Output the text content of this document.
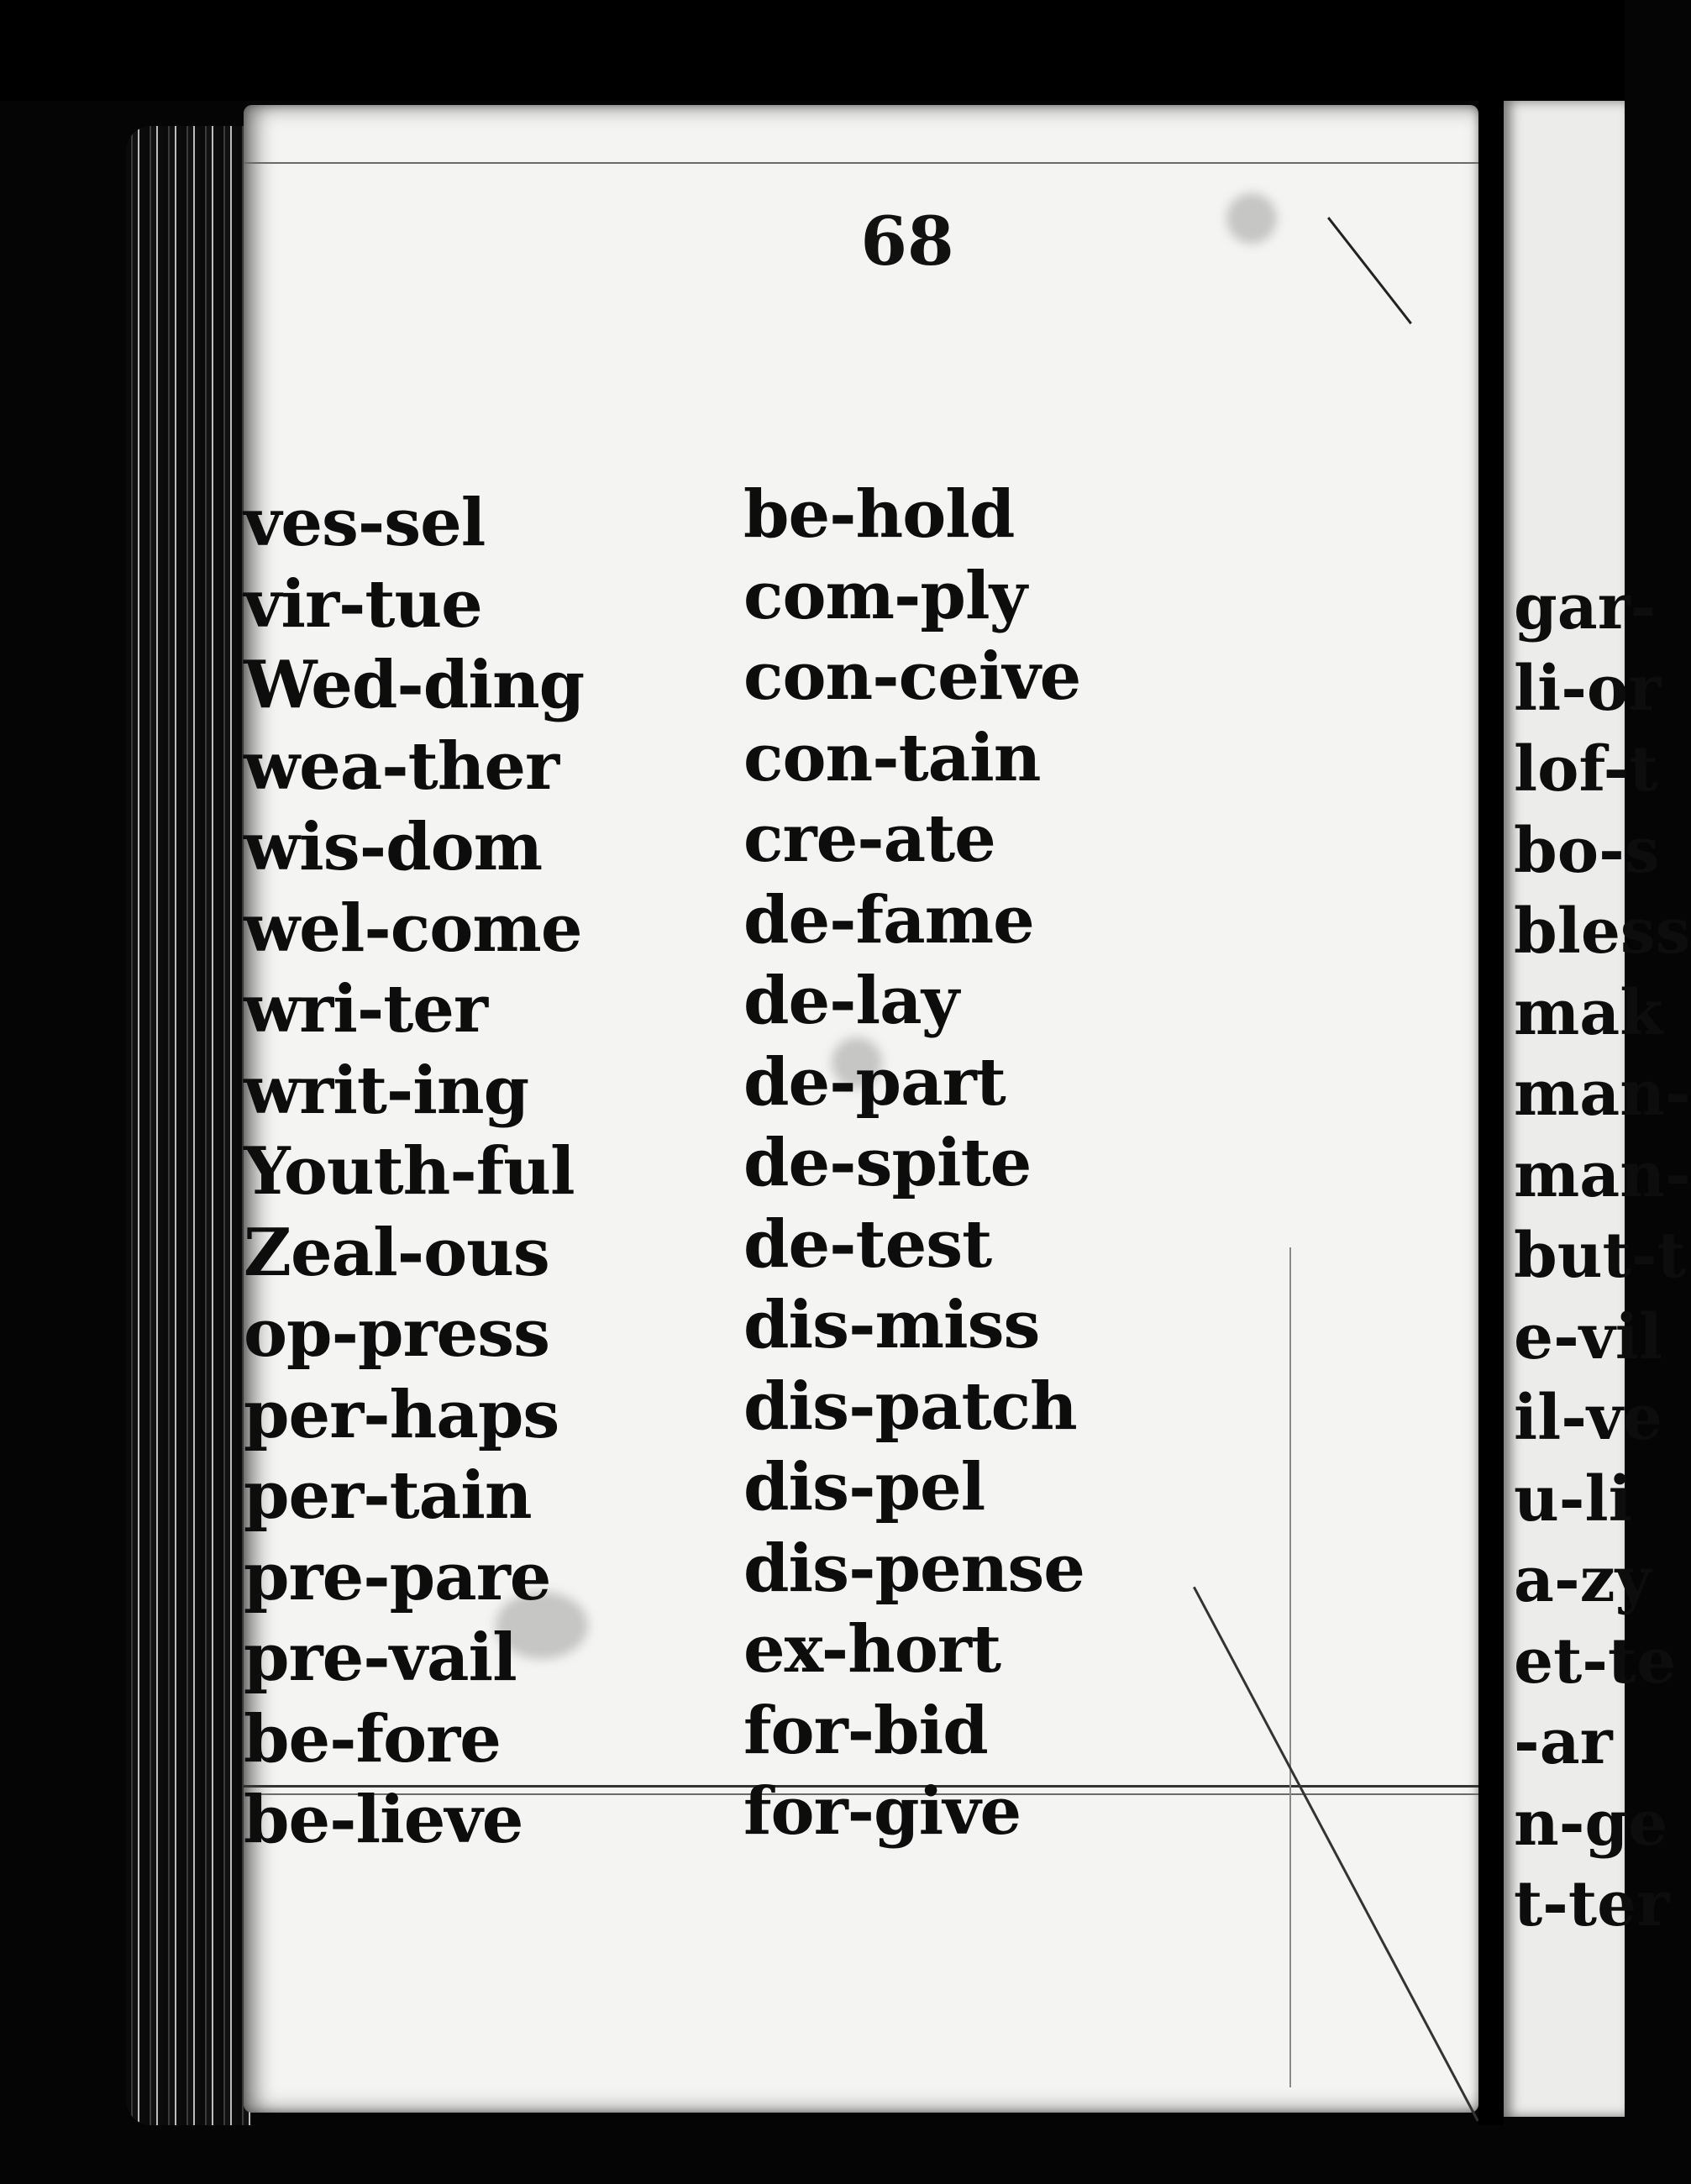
68
ves-sel
vir-tue
Wed-ding
wea-ther
wis-dom
wel-come
wri-ter
writ-ing
Youth-ful
Zeal-ous
op-press
per-haps
per-tain
pre-pare
pre-vail
be-fore
be-lieve
be-hold
com-ply
con-ceive
con-tain
cre-ate
de-fame
de-lay
de-part
de-spite
de-test
dis-miss
dis-patch
dis-pel
dis-pense
ex-hort
for-bid
for-give
gar-
li-or
lof-t
bo-s
bless
mak
man-
man-
but-t
e-vil
il-ve
u-li
a-zy
et-te
-ar
n-ge
t-ter
